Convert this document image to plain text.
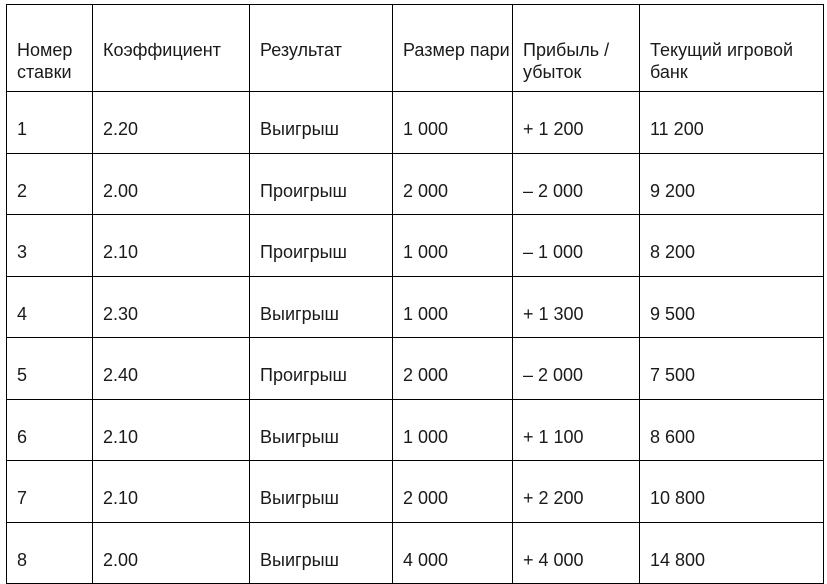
Номер ставки	Коэффициент	Результат	Размер пари	Прибыль / убыток	Текущий игровой банк
1	2.20	Выигрыш	1 000	+ 1 200	11 200
2	2.00	Проигрыш	2 000	– 2 000	9 200
3	2.10	Проигрыш	1 000	– 1 000	8 200
4	2.30	Выигрыш	1 000	+ 1 300	9 500
5	2.40	Проигрыш	2 000	– 2 000	7 500
6	2.10	Выигрыш	1 000	+ 1 100	8 600
7	2.10	Выигрыш	2 000	+ 2 200	10 800
8	2.00	Выигрыш	4 000	+ 4 000	14 800
